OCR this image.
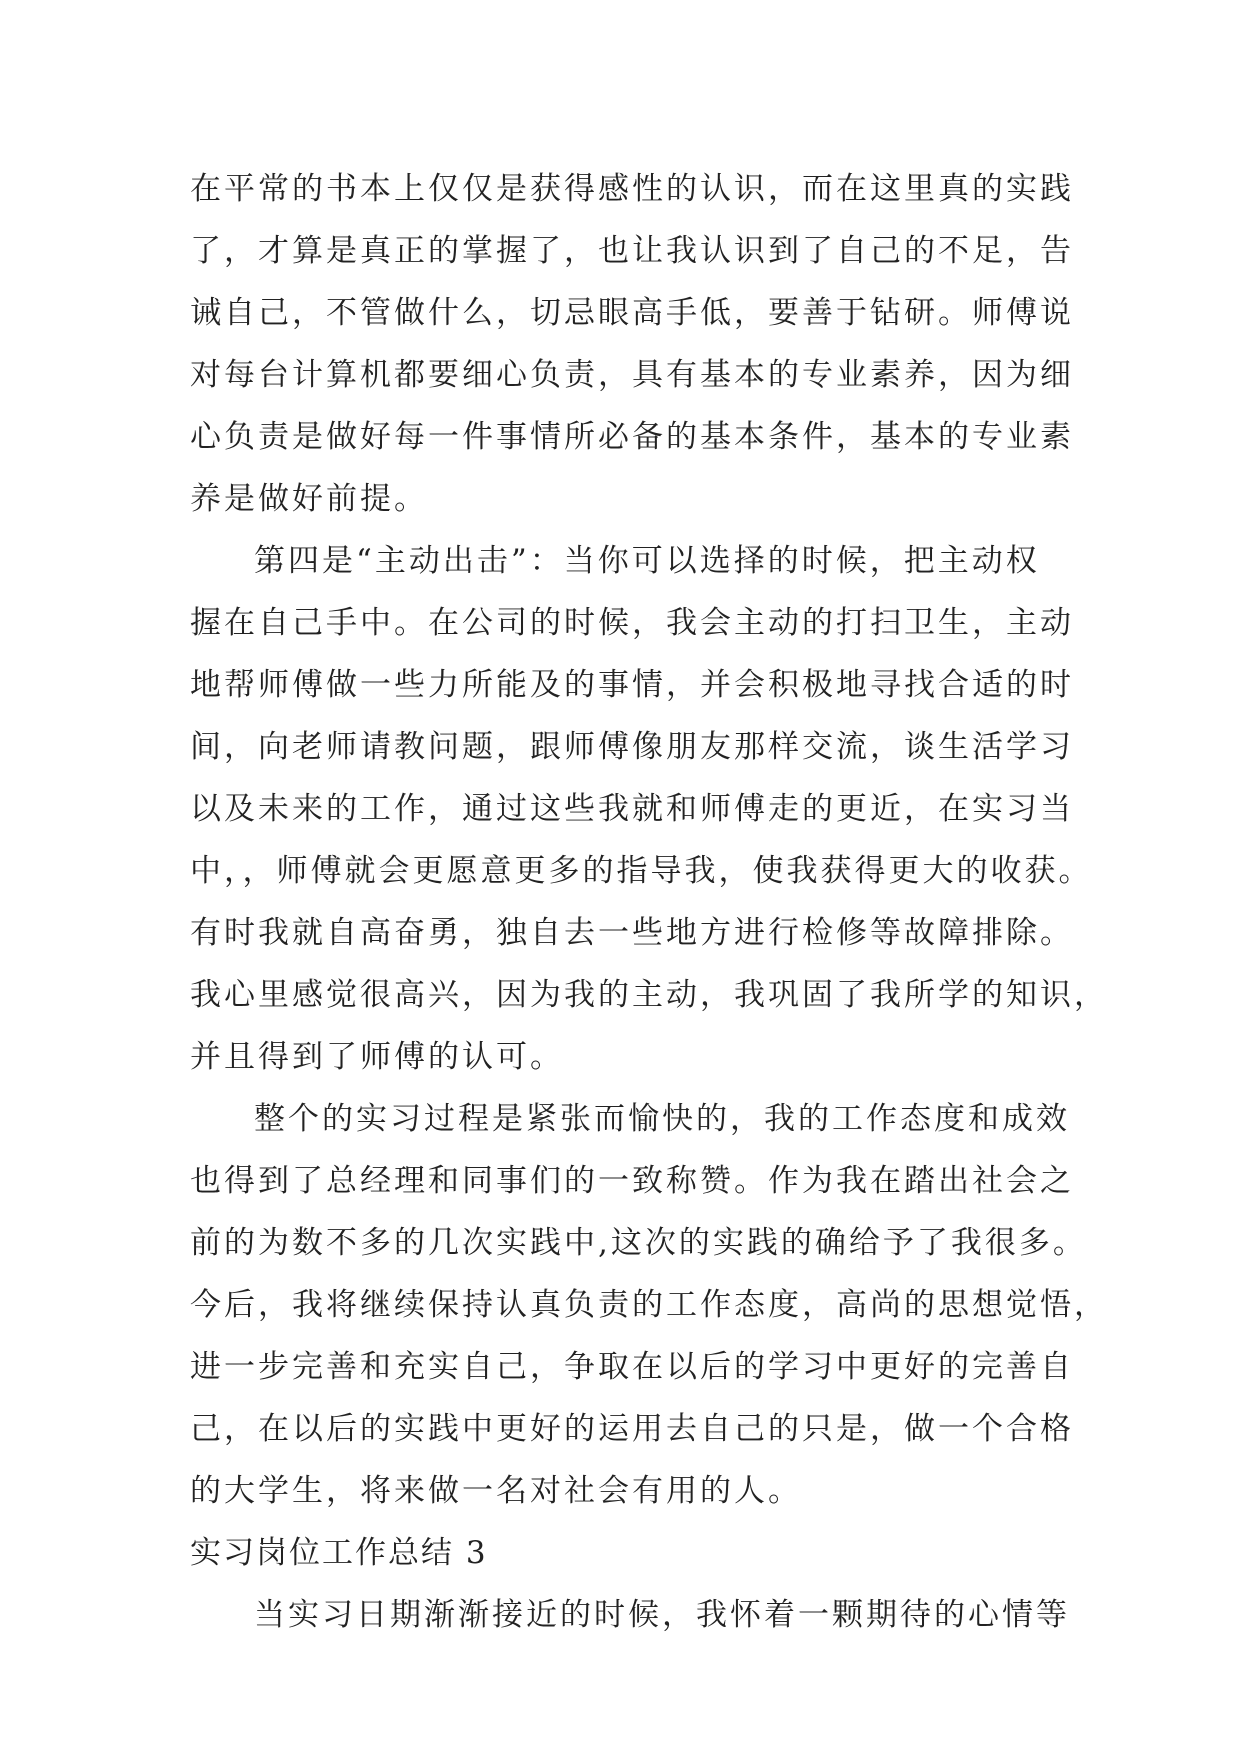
在平常的书本上仅仅是获得感性的认识，而在这里真的实践
了，才算是真正的掌握了，也让我认识到了自己的不足，告
诫自己，不管做什么，切忌眼高手低，要善于钻研。师傅说
对每台计算机都要细心负责，具有基本的专业素养，因为细
心负责是做好每一件事情所必备的基本条件，基本的专业素
养是做好前提。
第四是“主动出击”：当你可以选择的时候，把主动权
握在自己手中。在公司的时候，我会主动的打扫卫生，主动
地帮师傅做一些力所能及的事情，并会积极地寻找合适的时
间，向老师请教问题，跟师傅像朋友那样交流，谈生活学习
以及未来的工作，通过这些我就和师傅走的更近，在实习当
中，，师傅就会更愿意更多的指导我，使我获得更大的收获。
有时我就自高奋勇，独自去一些地方进行检修等故障排除。
我心里感觉很高兴，因为我的主动，我巩固了我所学的知识，
并且得到了师傅的认可。
整个的实习过程是紧张而愉快的，我的工作态度和成效
也得到了总经理和同事们的一致称赞。作为我在踏出社会之
前的为数不多的几次实践中,这次的实践的确给予了我很多。
今后，我将继续保持认真负责的工作态度，高尚的思想觉悟，
进一步完善和充实自己，争取在以后的学习中更好的完善自
己，在以后的实践中更好的运用去自己的只是，做一个合格
的大学生，将来做一名对社会有用的人。
实习岗位工作总结 3
当实习日期渐渐接近的时候，我怀着一颗期待的心情等
